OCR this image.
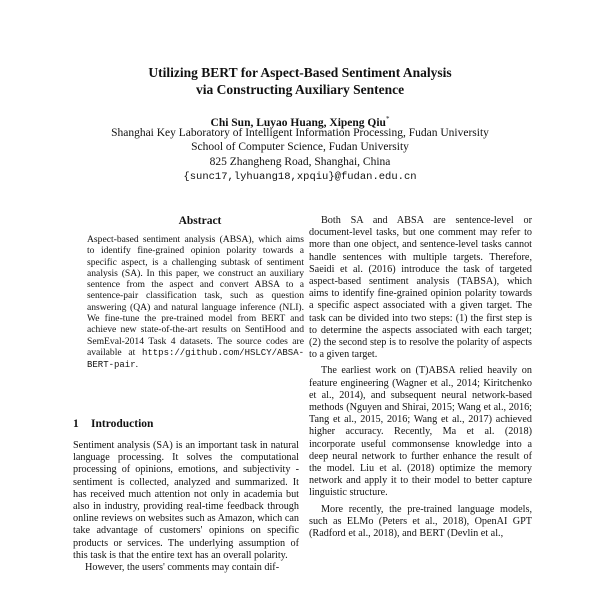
Utilizing BERT for Aspect-Based Sentiment Analysis
via Constructing Auxiliary Sentence
Chi Sun, Luyao Huang, Xipeng Qiu*
Shanghai Key Laboratory of Intelligent Information Processing, Fudan University
School of Computer Science, Fudan University
825 Zhangheng Road, Shanghai, China
{sunc17,lyhuang18,xpqiu}@fudan.edu.cn
Abstract

Aspect-based sentiment analysis (ABSA), which aims to identify fine-grained opinion polarity towards a specific aspect, is a challenging subtask of sentiment analysis (SA). In this paper, we construct an auxiliary sentence from the aspect and convert ABSA to a sentence-pair classification task, such as question answering (QA) and natural language inference (NLI). We fine-tune the pre-trained model from BERT and achieve new state-of-the-art results on SentiHood and SemEval-2014 Task 4 datasets. The source codes are available at https://github.com/HSLCY/ABSA-BERT-pair.

1 Introduction

Sentiment analysis (SA) is an important task in natural language processing. It solves the computational processing of opinions, emotions, and subjectivity - sentiment is collected, analyzed and summarized. It has received much attention not only in academia but also in industry, providing real-time feedback through online reviews on websites such as Amazon, which can take advantage of customers' opinions on specific products or services. The underlying assumption of this task is that the entire text has an overall polarity.

However, the users' comments may contain dif-

Both SA and ABSA are sentence-level or document-level tasks, but one comment may refer to more than one object, and sentence-level tasks cannot handle sentences with multiple targets. Therefore, Saeidi et al. (2016) introduce the task of targeted aspect-based sentiment analysis (TABSA), which aims to identify fine-grained opinion polarity towards a specific aspect associated with a given target. The task can be divided into two steps: (1) the first step is to determine the aspects associated with each target; (2) the second step is to resolve the polarity of aspects to a given target.

The earliest work on (T)ABSA relied heavily on feature engineering (Wagner et al., 2014; Kiritchenko et al., 2014), and subsequent neural network-based methods (Nguyen and Shirai, 2015; Wang et al., 2016; Tang et al., 2015, 2016; Wang et al., 2017) achieved higher accuracy. Recently, Ma et al. (2018) incorporate useful commonsense knowledge into a deep neural network to further enhance the result of the model. Liu et al. (2018) optimize the memory network and apply it to their model to better capture linguistic structure.

More recently, the pre-trained language models, such as ELMo (Peters et al., 2018), OpenAI GPT (Radford et al., 2018), and BERT (Devlin et al.,
